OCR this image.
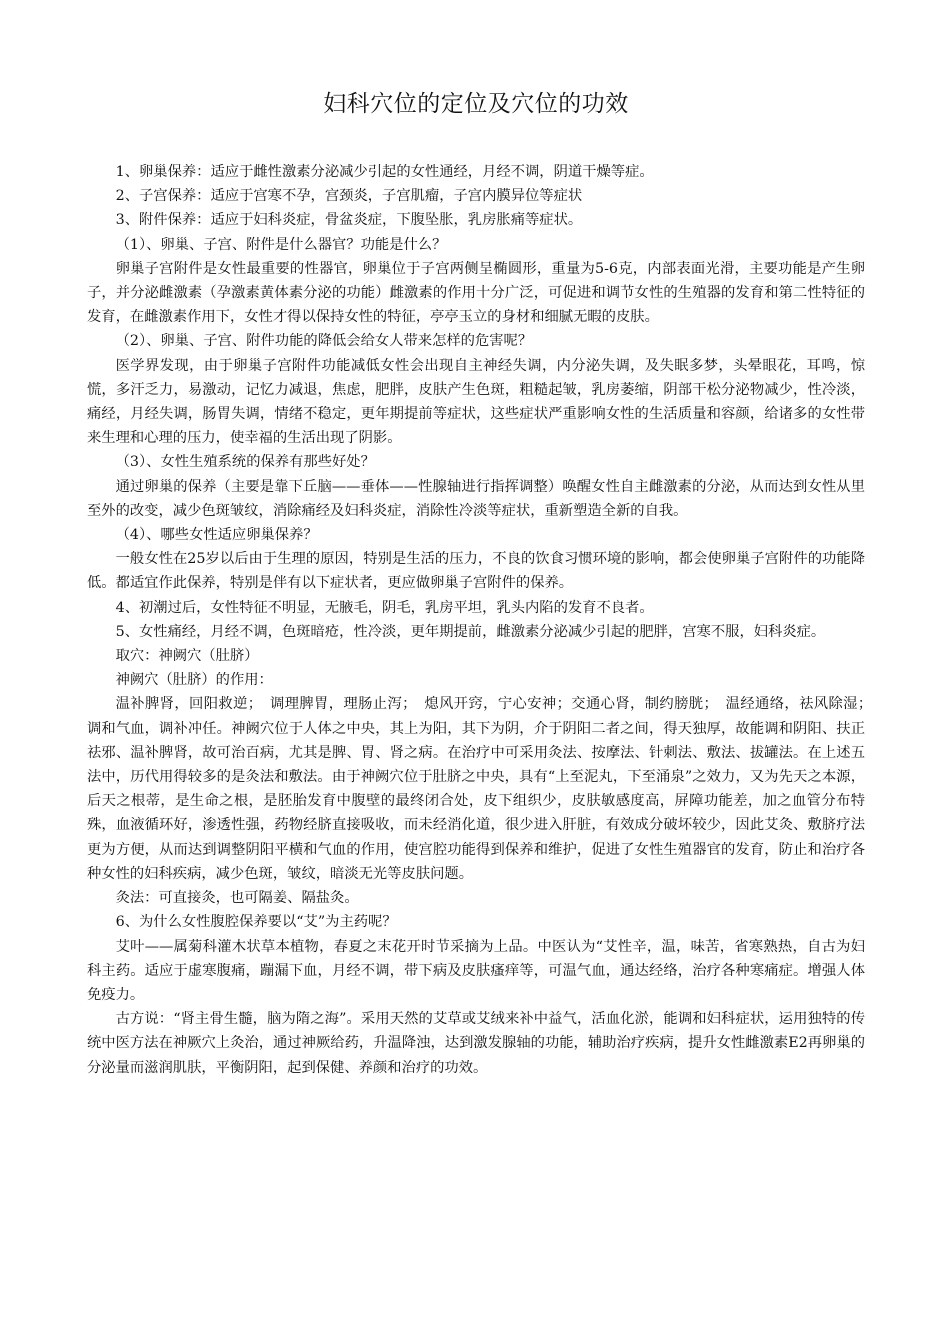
妇科穴位的定位及穴位的功效

1、卵巢保养：适应于雌性激素分泌减少引起的女性通经，月经不调，阴道干燥等症。

2、子宫保养：适应于宫寒不孕，宫颈炎，子宫肌瘤，子宫内膜异位等症状

3、附件保养：适应于妇科炎症，骨盆炎症，下腹坠胀，乳房胀痛等症状。

（1）、卵巢、子宫、附件是什么器官？功能是什么？

卵巢子宫附件是女性最重要的性器官，卵巢位于子宫两侧呈椭圆形，重量为5-6克，内部表面光滑，主要功能是产生卵子，并分泌雌激素（孕激素黄体素分泌的功能）雌激素的作用十分广泛，可促进和调节女性的生殖器的发育和第二性特征的发育，在雌激素作用下，女性才得以保持女性的特征，亭亭玉立的身材和细腻无暇的皮肤。

（2）、卵巢、子宫、附件功能的降低会给女人带来怎样的危害呢？

医学界发现，由于卵巢子宫附件功能减低女性会出现自主神经失调，内分泌失调，及失眠多梦，头晕眼花，耳鸣，惊慌，多汗乏力，易激动，记忆力减退，焦虑，肥胖，皮肤产生色斑，粗糙起皱，乳房萎缩，阴部干松分泌物减少，性冷淡，痛经，月经失调，肠胃失调，情绪不稳定，更年期提前等症状，这些症状严重影响女性的生活质量和容颜，给诸多的女性带来生理和心理的压力，使幸福的生活出现了阴影。

（3）、女性生殖系统的保养有那些好处？

通过卵巢的保养（主要是靠下丘脑——垂体——性腺轴进行指挥调整）唤醒女性自主雌激素的分泌，从而达到女性从里至外的改变，减少色斑皱纹，消除痛经及妇科炎症，消除性冷淡等症状，重新塑造全新的自我。

（4）、哪些女性适应卵巢保养？

一般女性在25岁以后由于生理的原因，特别是生活的压力，不良的饮食习惯环境的影响，都会使卵巢子宫附件的功能降低。都适宜作此保养，特别是伴有以下症状者，更应做卵巢子宫附件的保养。

4、初潮过后，女性特征不明显，无腋毛，阴毛，乳房平坦，乳头内陷的发育不良者。

5、女性痛经，月经不调，色斑暗疮，性冷淡，更年期提前，雌激素分泌减少引起的肥胖，宫寒不服，妇科炎症。

取穴：神阙穴（肚脐）

神阙穴（肚脐）的作用：

温补脾肾，回阳救逆；　调理脾胃，理肠止泻；　熄风开窍，宁心安神；交通心肾，制约膀胱；　温经通络，祛风除湿；　调和气血，调补冲任。神阙穴位于人体之中央，其上为阳，其下为阴，介于阴阳二者之间，得天独厚，故能调和阴阳、扶正祛邪、温补脾肾，故可治百病，尤其是脾、胃、肾之病。在治疗中可采用灸法、按摩法、针刺法、敷法、拔罐法。在上述五法中，历代用得较多的是灸法和敷法。由于神阙穴位于肚脐之中央，具有“上至泥丸，下至涌泉”之效力，又为先天之本源，后天之根蒂，是生命之根，是胚胎发育中腹壁的最终闭合处，皮下组织少，皮肤敏感度高，屏障功能差，加之血管分布特殊，血液循环好，渗透性强，药物经脐直接吸收，而未经消化道，很少进入肝脏，有效成分破坏较少，因此艾灸、敷脐疗法更为方便，从而达到调整阴阳平横和气血的作用，使宫腔功能得到保养和维护，促进了女性生殖器官的发育，防止和治疗各种女性的妇科疾病，减少色斑，皱纹，暗淡无光等皮肤问题。

灸法：可直接灸，也可隔姜、隔盐灸。

6、为什么女性腹腔保养要以“艾”为主药呢？

艾叶——属菊科灌木状草本植物，春夏之末花开时节采摘为上品。中医认为“艾性辛，温，味苦，省寒熟热，自古为妇科主药。适应于虚寒腹痛，蹦漏下血，月经不调，带下病及皮肤瘙痒等，可温气血，通达经络，治疗各种寒痛症。增强人体免疫力。

古方说：“肾主骨生髓，脑为隋之海”。采用天然的艾草或艾绒来补中益气，活血化淤，能调和妇科症状，运用独特的传统中医方法在神厥穴上灸治，通过神厥给药，升温降浊，达到激发腺轴的功能，辅助治疗疾病，提升女性雌激素E2再卵巢的分泌量而滋润肌肤，平衡阴阳，起到保健、养颜和治疗的功效。
